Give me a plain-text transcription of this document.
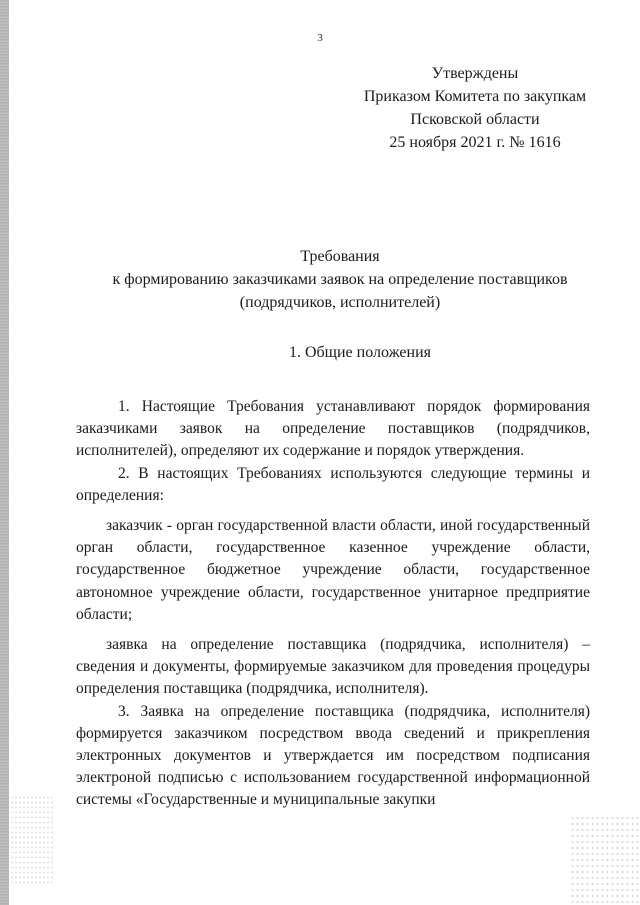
3
Утверждены
Приказом Комитета по закупкам
Псковской области
25 ноября 2021 г. № 1616
Требования
к формированию заказчиками заявок на определение поставщиков
(подрядчиков, исполнителей)
1. Общие положения

1. Настоящие Требования устанавливают порядок формирования заказчиками заявок на определение поставщиков (подрядчиков, исполнителей), определяют их содержание и порядок утверждения.

2. В настоящих Требованиях используются следующие термины и определения:

заказчик - орган государственной власти области, иной государственный орган области, государственное казенное учреждение области, государственное бюджетное учреждение области, государственное автономное учреждение области, государственное унитарное предприятие области;

заявка на определение поставщика (подрядчика, исполнителя) – сведения и документы, формируемые заказчиком для проведения процедуры определения поставщика (подрядчика, исполнителя).

3. Заявка на определение поставщика (подрядчика, исполнителя) формируется заказчиком посредством ввода сведений и прикрепления электронных документов и утверждается им посредством подписания электроной подписью с использованием государственной информационной системы «Государственные и муниципальные закупки
